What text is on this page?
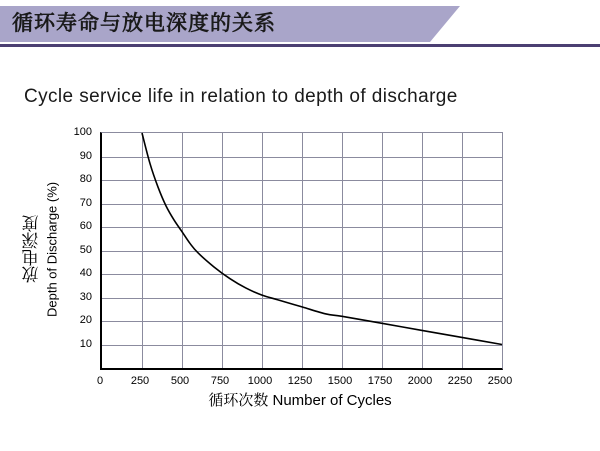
循环寿命与放电深度的关系
Cycle service life in relation to depth of discharge
放电深度 Depth of Discharge (%)
0	250 500 750 1000 1250 1500 1750 2000 2250 2500
10
20
30
40
50
60
70
80
90
100
循环次数 Number of Cycles
